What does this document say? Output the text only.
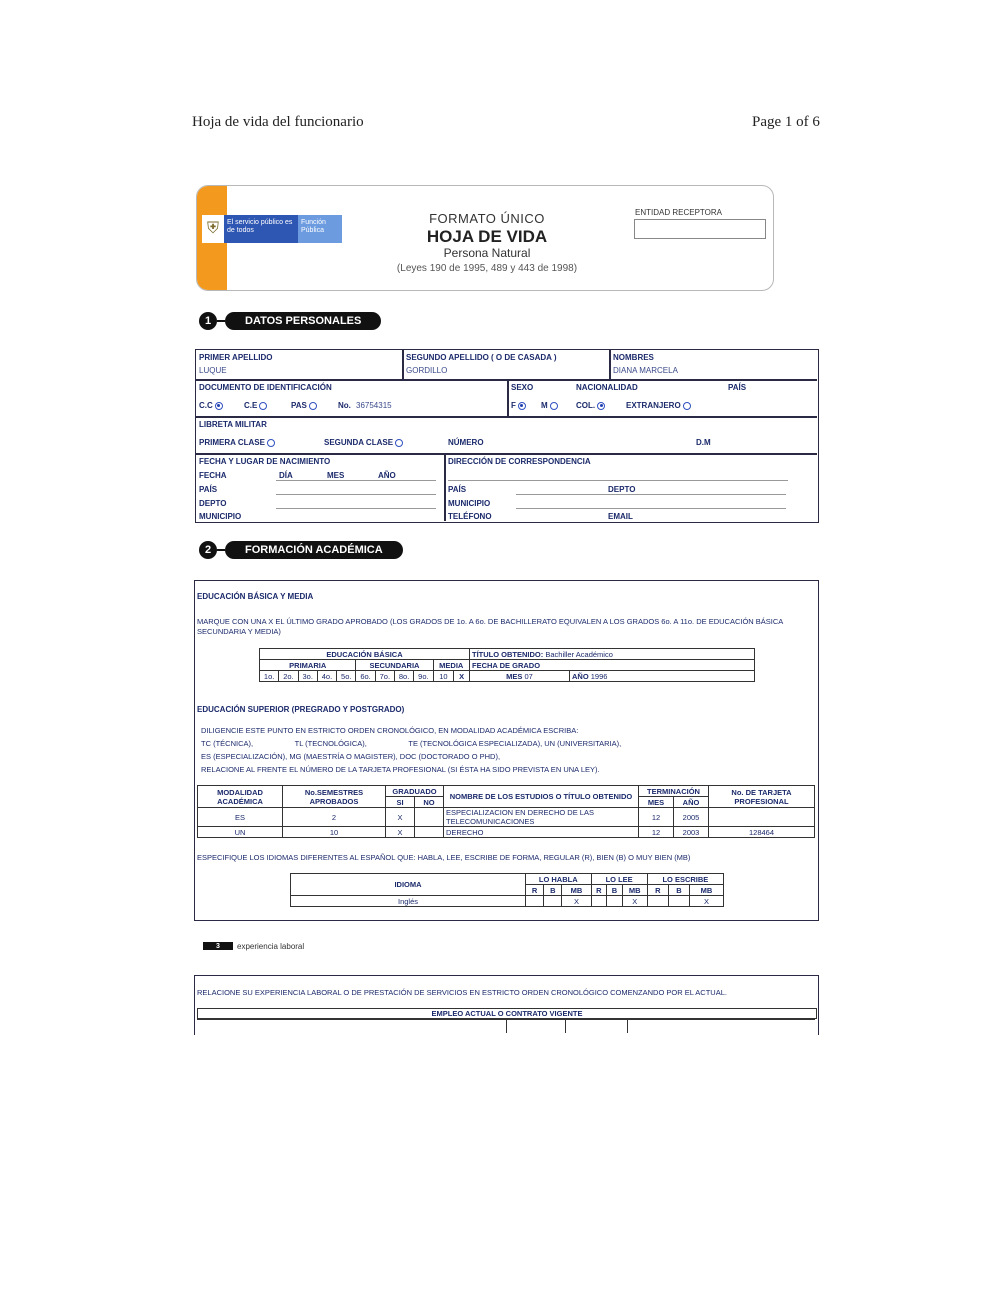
Hoja de vida del funcionario	Page 1 of 6
⛨	El servicio público es de todos
Función Pública
FORMATO ÚNICO
HOJA DE VIDA
Persona Natural
(Leyes 190 de 1995, 489 y 443 de 1998)
ENTIDAD RECEPTORA
1	DATOS PERSONALES
PRIMER APELLIDO
LUQUE
SEGUNDO APELLIDO ( O DE CASADA )
GORDILLO
NOMBRES
DIANA MARCELA
DOCUMENTO DE IDENTIFICACIÓN
C.C	C.E	PAS	No. 36754315
SEXO
F	M
NACIONALIDAD
COL.	EXTRANJERO
PAÍS
LIBRETA MILITAR
PRIMERA CLASE	SEGUNDA CLASE	NÚMERO	D.M
FECHA Y LUGAR DE NACIMIENTO
FECHA	DÍA	MES	AÑO
PAÍS
DEPTO
MUNICIPIO
DIRECCIÓN DE CORRESPONDENCIA
PAÍS	DEPTO
MUNICIPIO
TELÉFONO	EMAIL
2	FORMACIÓN ACADÉMICA
EDUCACIÓN BÁSICA Y MEDIA
MARQUE CON UNA X EL ÚLTIMO GRADO APROBADO (LOS GRADOS DE 1o. A 6o. DE BACHILLERATO EQUIVALEN A LOS GRADOS 6o. A 11o. DE EDUCACIÓN BÁSICA SECUNDARIA Y MEDIA)
EDUCACIÓN BÁSICA											TÍTULO OBTENIDO: Bachiller Académico	
PRIMARIA					SECUNDARIA				MEDIA		FECHA DE GRADO	
1o.	2o.	3o.	4o.	5o.	6o.	7o.	8o.	9o.	10	X	MES 07	AÑO 1996
EDUCACIÓN SUPERIOR (PREGRADO Y POSTGRADO)
DILIGENCIE ESTE PUNTO EN ESTRICTO ORDEN CRONOLÓGICO, EN MODALIDAD ACADÉMICA ESCRIBA:
TC (TÉCNICA),                    TL (TECNOLÓGICA),                    TE (TECNOLÓGICA ESPECIALIZADA), UN (UNIVERSITARIA),
ES (ESPECIALIZACIÓN), MG (MAESTRÍA O MAGISTER), DOC (DOCTORADO O PHD),
RELACIONE AL FRENTE EL NÚMERO DE LA TARJETA PROFESIONAL (SI ÉSTA HA SIDO PREVISTA EN UNA LEY).
MODALIDAD ACADÉMICA	No.SEMESTRES APROBADOS	GRADUADO		NOMBRE DE LOS ESTUDIOS O TÍTULO OBTENIDO	TERMINACIÓN		No. DE TARJETA PROFESIONAL
		SI	NO		MES	AÑO	
ES	2	X		ESPECIALIZACION EN DERECHO DE LAS TELECOMUNICACIONES	12	2005	
UN	10	X		DERECHO	12	2003	128464
ESPECIFIQUE LOS IDIOMAS DIFERENTES AL ESPAÑOL QUE: HABLA, LEE, ESCRIBE DE FORMA, REGULAR (R), BIEN (B) O MUY BIEN (MB)
IDIOMA	LO HABLA			LO LEE			LO ESCRIBE		
	R	B	MB	R	B	MB	R	B	MB
Inglés			X			X			X
3	experiencia laboral
RELACIONE SU EXPERIENCIA LABORAL O DE PRESTACIÓN DE SERVICIOS EN ESTRICTO ORDEN CRONOLÓGICO COMENZANDO POR EL ACTUAL.
EMPLEO ACTUAL O CONTRATO VIGENTE
